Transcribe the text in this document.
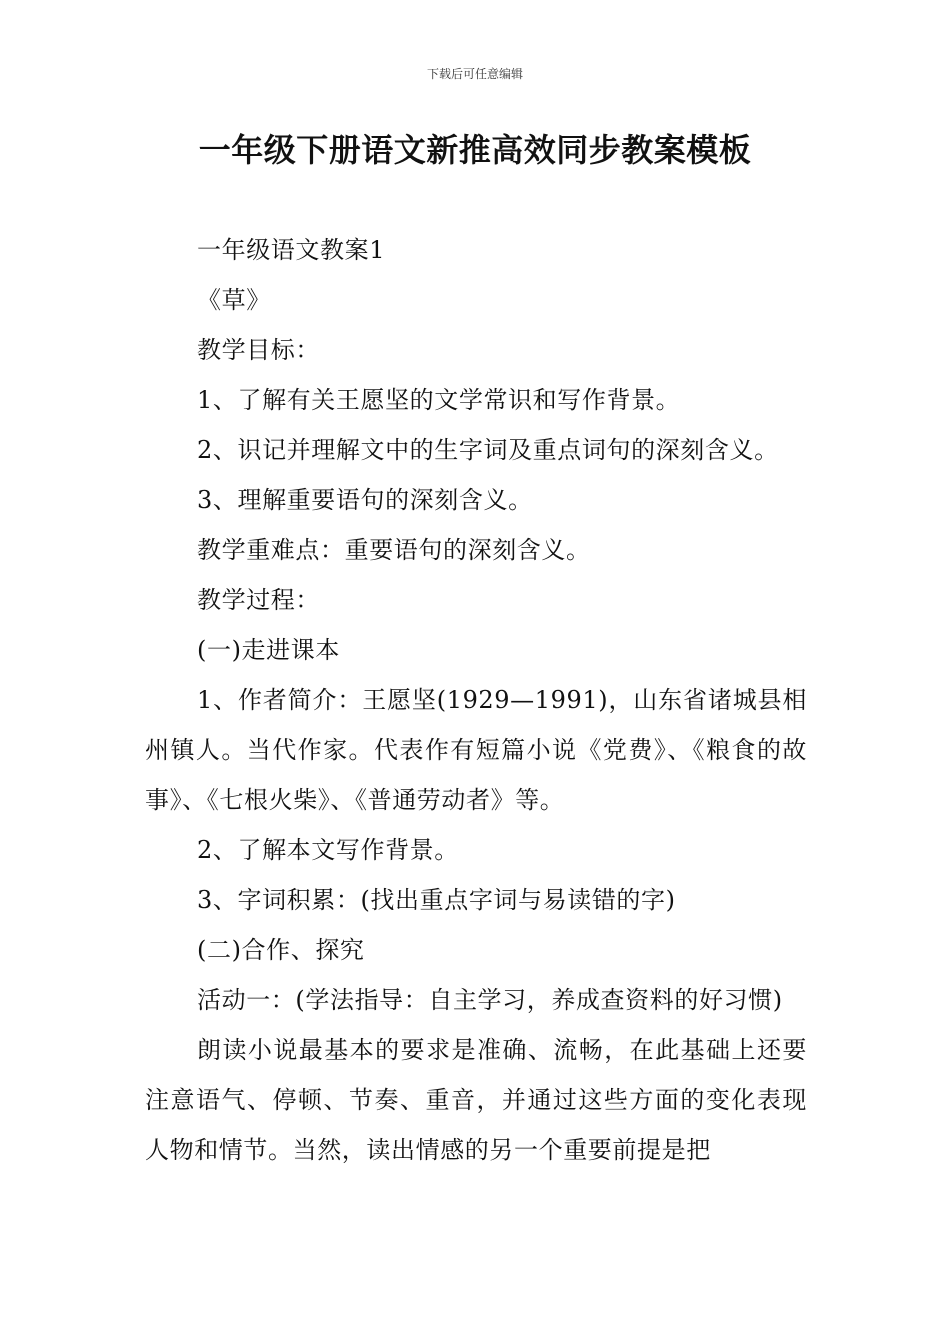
下载后可任意编辑
一年级下册语文新推高效同步教案模板

一年级语文教案1

《草》

教学目标：

1、了解有关王愿坚的文学常识和写作背景。

2、识记并理解文中的生字词及重点词句的深刻含义。

3、理解重要语句的深刻含义。

教学重难点：重要语句的深刻含义。

教学过程：

(一)走进课本

1、作者简介：王愿坚(1929—1991)，山东省诸城县相州镇人。当代作家。代表作有短篇小说《党费》、《粮食的故事》、《七根火柴》、《普通劳动者》等。

2、了解本文写作背景。

3、字词积累：(找出重点字词与易读错的字)

(二)合作、探究

活动一：(学法指导：自主学习，养成查资料的好习惯)

朗读小说最基本的要求是准确、流畅，在此基础上还要注意语气、停顿、节奏、重音，并通过这些方面的变化表现人物和情节。当然，读出情感的另一个重要前提是把
